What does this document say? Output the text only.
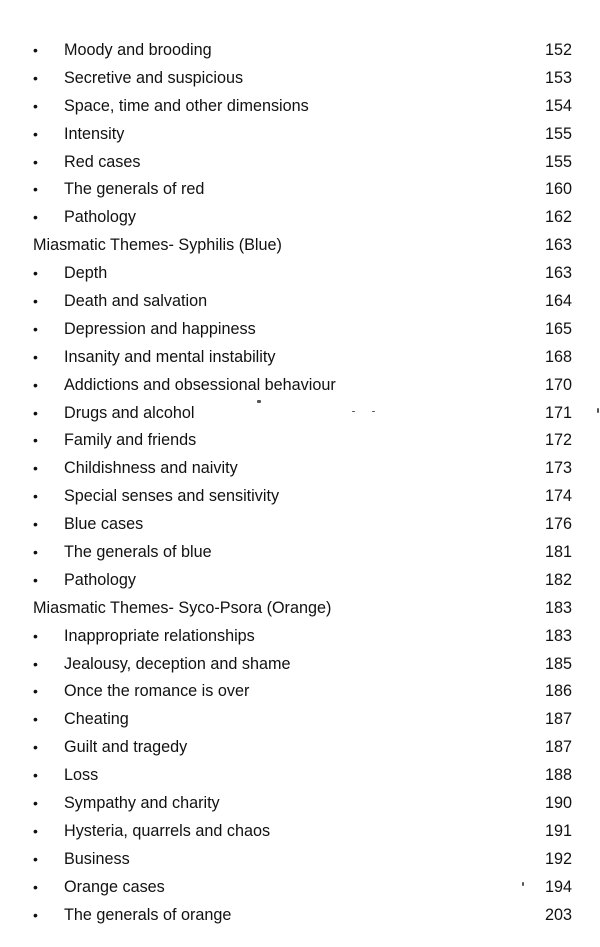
• Moody and brooding	152
• Secretive and suspicious	153
• Space, time and other dimensions	154
• Intensity	155
• Red cases	155
• The generals of red	160
• Pathology	162
Miasmatic Themes- Syphilis (Blue)	163
• Depth	163
• Death and salvation	164
• Depression and happiness	165
• Insanity and mental instability	168
• Addictions and obsessional behaviour	170
• Drugs and alcohol	171
• Family and friends	172
• Childishness and naivity	173
• Special senses and sensitivity	174
• Blue cases	176
• The generals of blue	181
• Pathology	182
Miasmatic Themes- Syco-Psora (Orange)	183
• Inappropriate relationships	183
• Jealousy, deception and shame	185
• Once the romance is over	186
• Cheating	187
• Guilt and tragedy	187
• Loss	188
• Sympathy and charity	190
• Hysteria, quarrels and chaos	191
• Business	192
• Orange cases	194
• The generals of orange	203
